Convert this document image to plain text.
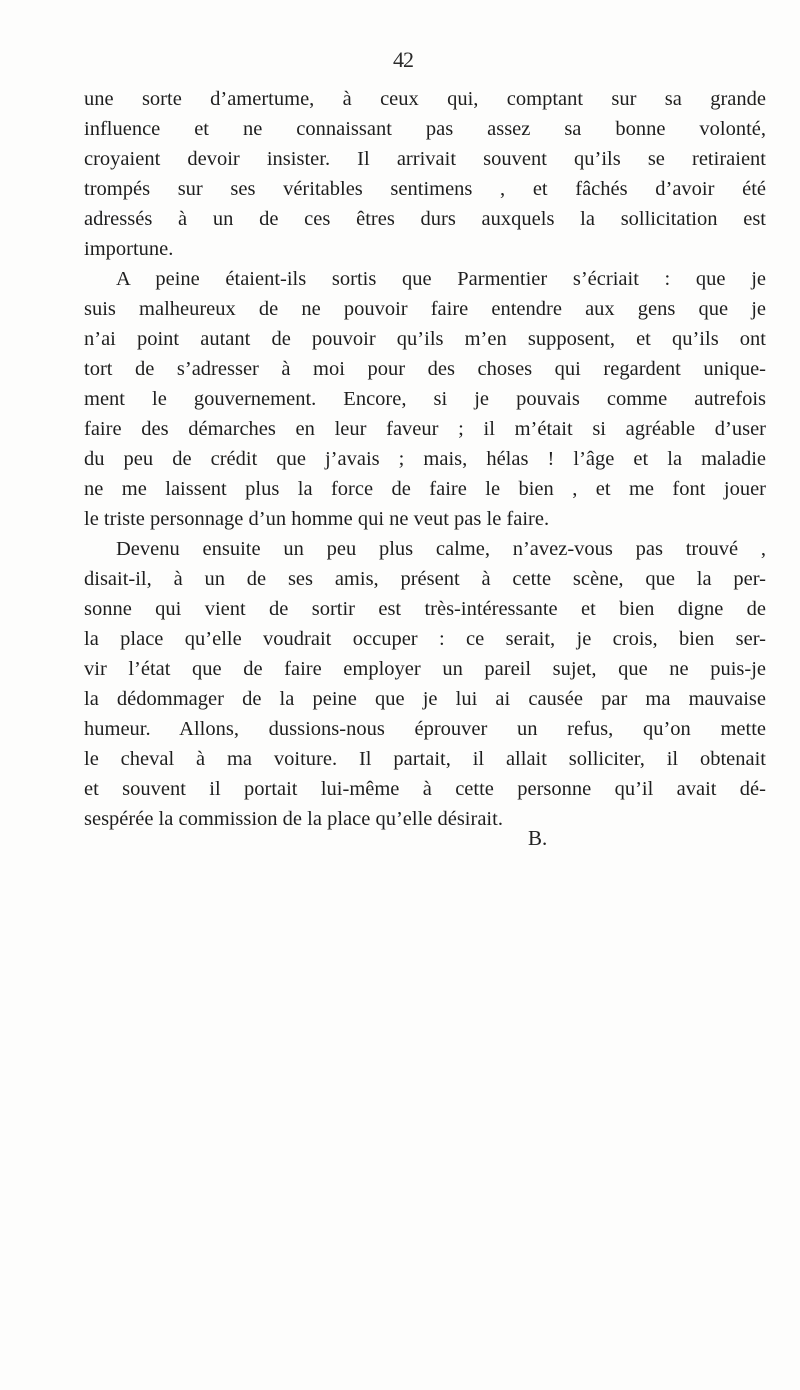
42
une sorte d’amertume, à ceux qui, comptant sur sa grande
influence et ne connaissant pas assez sa bonne volonté,
croyaient devoir insister. Il arrivait souvent qu’ils se retiraient
trompés sur ses véritables sentimens , et fâchés d’avoir été
adressés à un de ces êtres durs auxquels la sollicitation est
importune.
A peine étaient-ils sortis que Parmentier s’écriait : que je
suis malheureux de ne pouvoir faire entendre aux gens que je
n’ai point autant de pouvoir qu’ils m’en supposent, et qu’ils ont
tort de s’adresser à moi pour des choses qui regardent unique-
ment le gouvernement. Encore, si je pouvais comme autrefois
faire des démarches en leur faveur ; il m’était si agréable d’user
du peu de crédit que j’avais ; mais, hélas ! l’âge et la maladie
ne me laissent plus la force de faire le bien , et me font jouer
le triste personnage d’un homme qui ne veut pas le faire.
Devenu ensuite un peu plus calme, n’avez-vous pas trouvé ,
disait-il, à un de ses amis, présent à cette scène, que la per-
sonne qui vient de sortir est très-intéressante et bien digne de
la place qu’elle voudrait occuper : ce serait, je crois, bien ser-
vir l’état que de faire employer un pareil sujet, que ne puis-je
la dédommager de la peine que je lui ai causée par ma mauvaise
humeur. Allons, dussions-nous éprouver un refus, qu’on mette
le cheval à ma voiture. Il partait, il allait solliciter, il obtenait
et souvent il portait lui-même à cette personne qu’il avait dé-
sespérée la commission de la place qu’elle désirait.
B.
